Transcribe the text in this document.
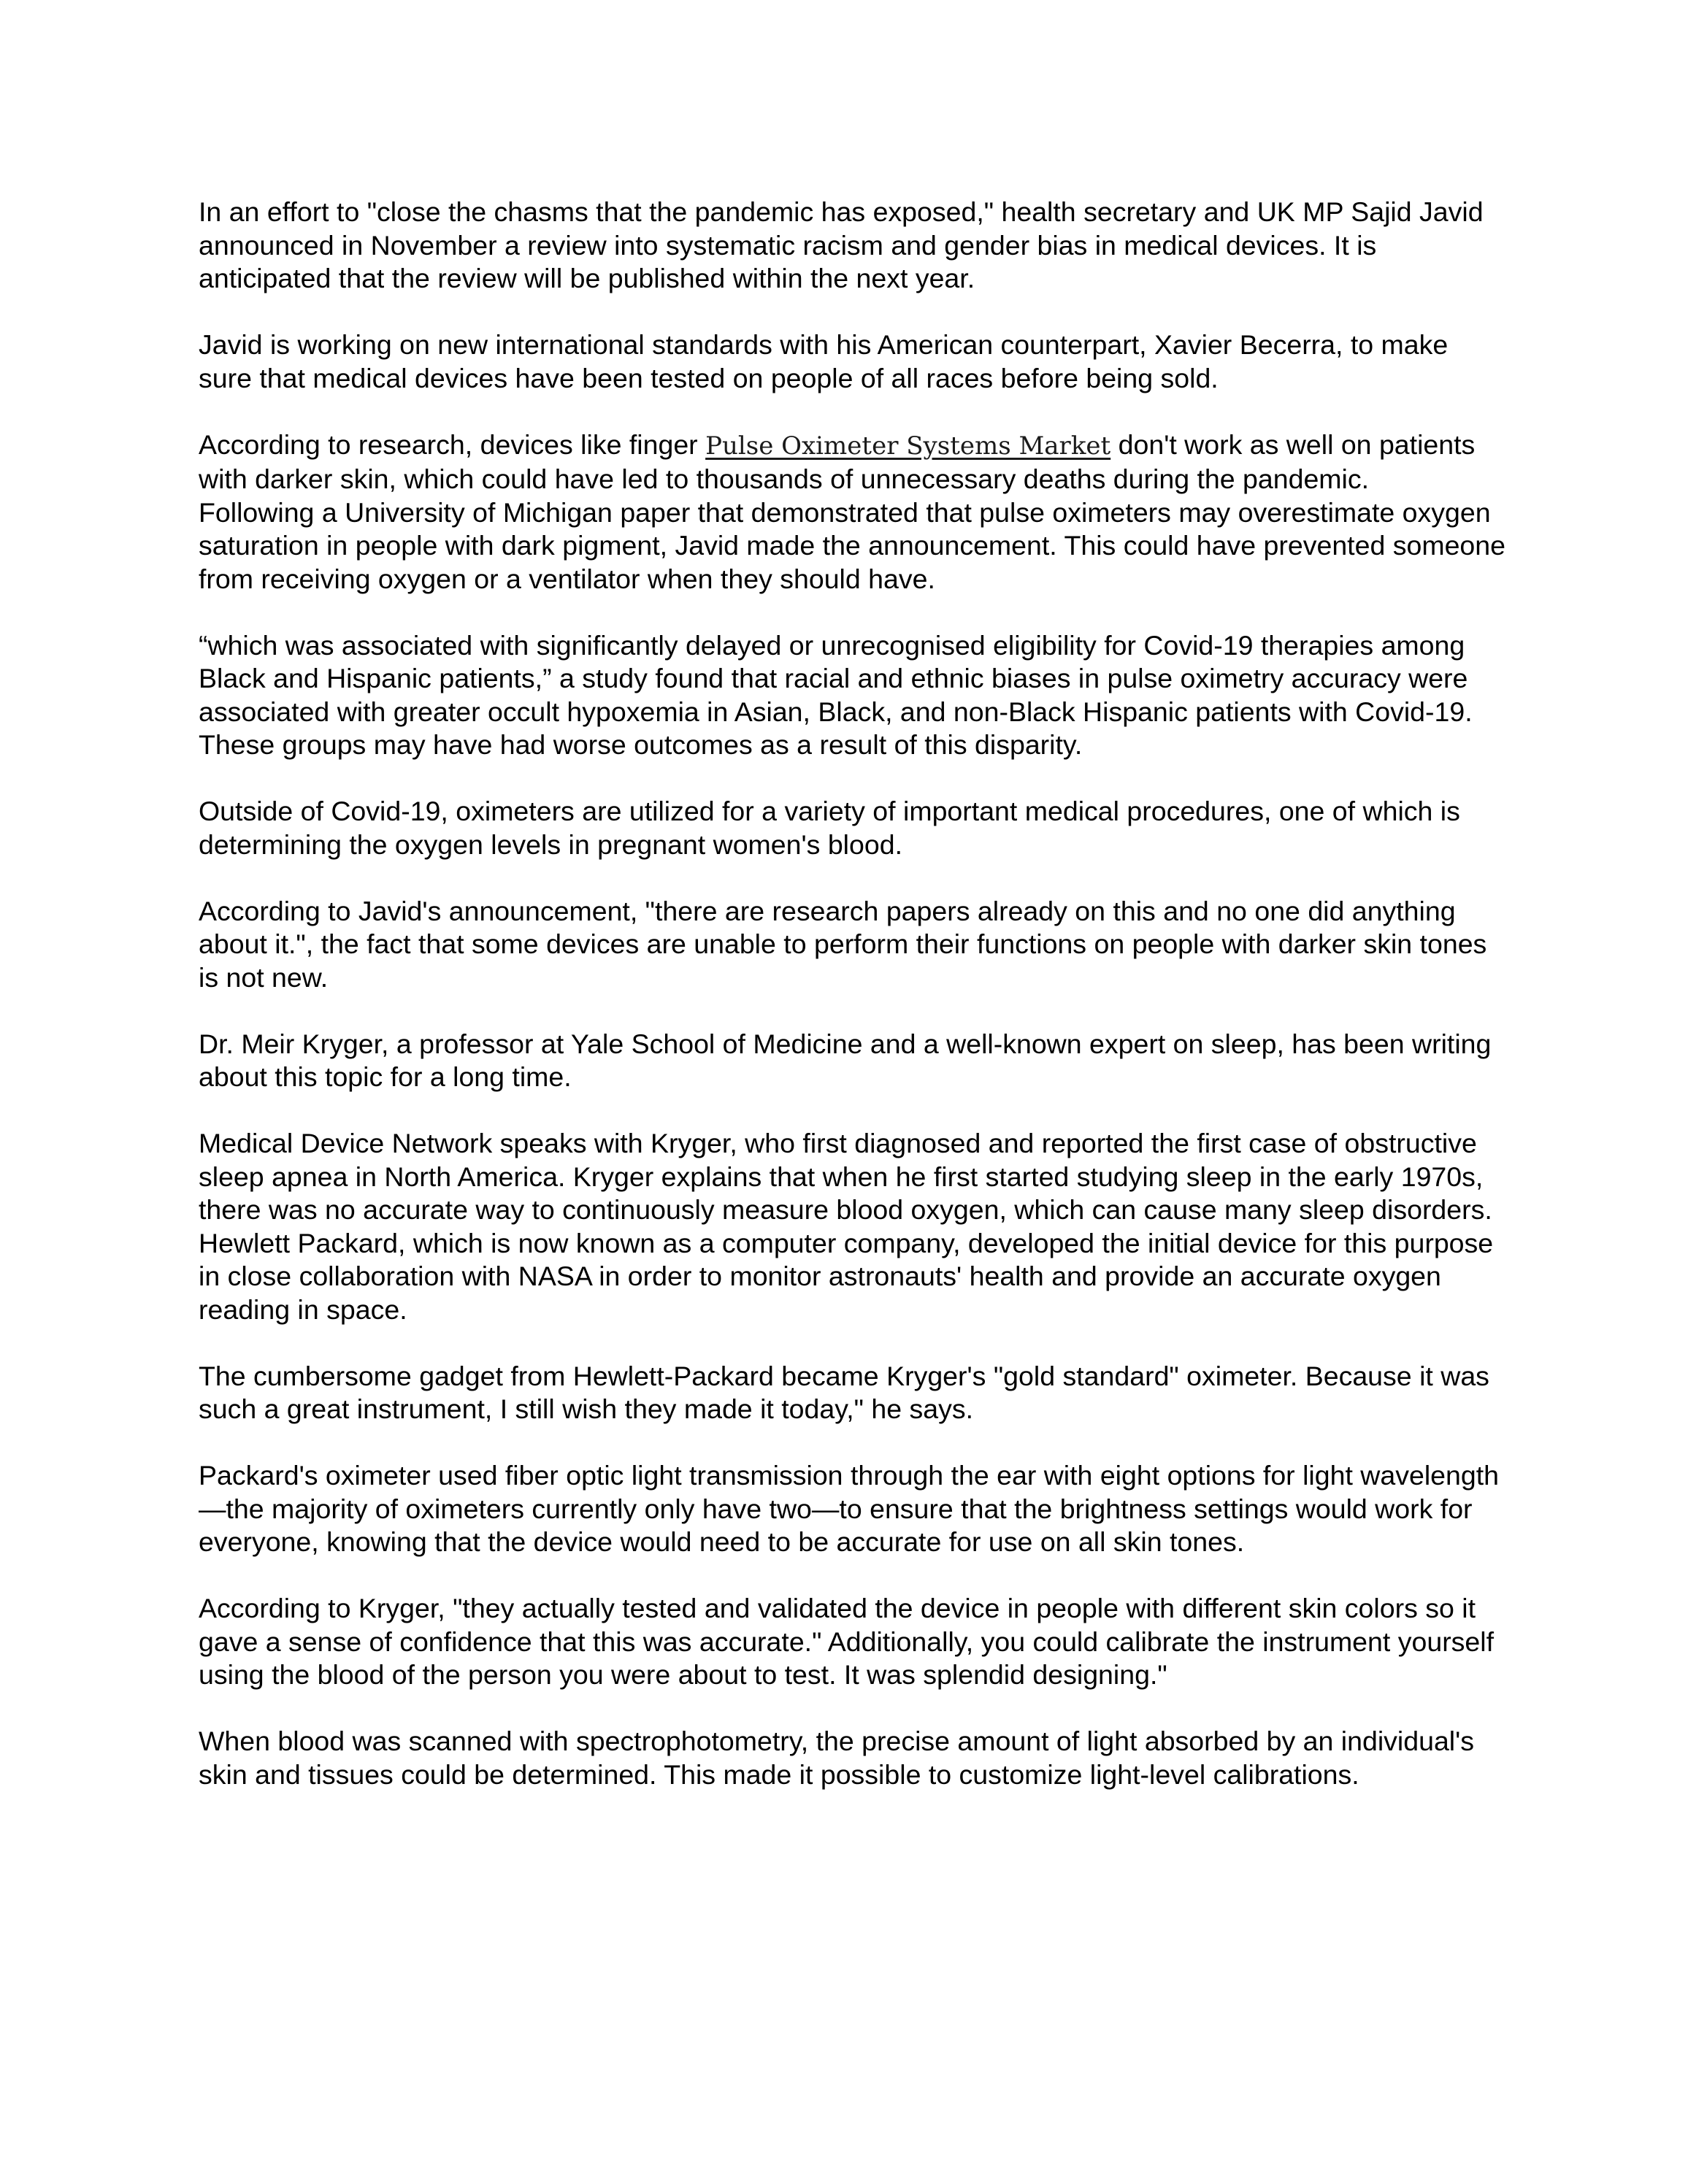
In an effort to "close the chasms that the pandemic has exposed," health secretary and UK MP Sajid Javid announced in November a review into systematic racism and gender bias in medical devices. It is anticipated that the review will be published within the next year.

Javid is working on new international standards with his American counterpart, Xavier Becerra, to make sure that medical devices have been tested on people of all races before being sold.

According to research, devices like finger Pulse Oximeter Systems Market don't work as well on patients with darker skin, which could have led to thousands of unnecessary deaths during the pandemic.

Following a University of Michigan paper that demonstrated that pulse oximeters may overestimate oxygen saturation in people with dark pigment, Javid made the announcement. This could have prevented someone from receiving oxygen or a ventilator when they should have.

“which was associated with significantly delayed or unrecognised eligibility for Covid-19 therapies among Black and Hispanic patients,” a study found that racial and ethnic biases in pulse oximetry accuracy were associated with greater occult hypoxemia in Asian, Black, and non-Black Hispanic patients with Covid-19. These groups may have had worse outcomes as a result of this disparity.

Outside of Covid-19, oximeters are utilized for a variety of important medical procedures, one of which is determining the oxygen levels in pregnant women's blood.

According to Javid's announcement, "there are research papers already on this and no one did anything about it.", the fact that some devices are unable to perform their functions on people with darker skin tones is not new.

Dr. Meir Kryger, a professor at Yale School of Medicine and a well-known expert on sleep, has been writing about this topic for a long time.

Medical Device Network speaks with Kryger, who first diagnosed and reported the first case of obstructive sleep apnea in North America. Kryger explains that when he first started studying sleep in the early 1970s, there was no accurate way to continuously measure blood oxygen, which can cause many sleep disorders.

Hewlett Packard, which is now known as a computer company, developed the initial device for this purpose in close collaboration with NASA in order to monitor astronauts' health and provide an accurate oxygen reading in space.

The cumbersome gadget from Hewlett-Packard became Kryger's "gold standard" oximeter. Because it was such a great instrument, I still wish they made it today," he says.

Packard's oximeter used fiber optic light transmission through the ear with eight options for light wavelength—the majority of oximeters currently only have two—to ensure that the brightness settings would work for everyone, knowing that the device would need to be accurate for use on all skin tones.

According to Kryger, "they actually tested and validated the device in people with different skin colors so it gave a sense of confidence that this was accurate." Additionally, you could calibrate the instrument yourself using the blood of the person you were about to test. It was splendid designing."

When blood was scanned with spectrophotometry, the precise amount of light absorbed by an individual's skin and tissues could be determined. This made it possible to customize light-level calibrations.
